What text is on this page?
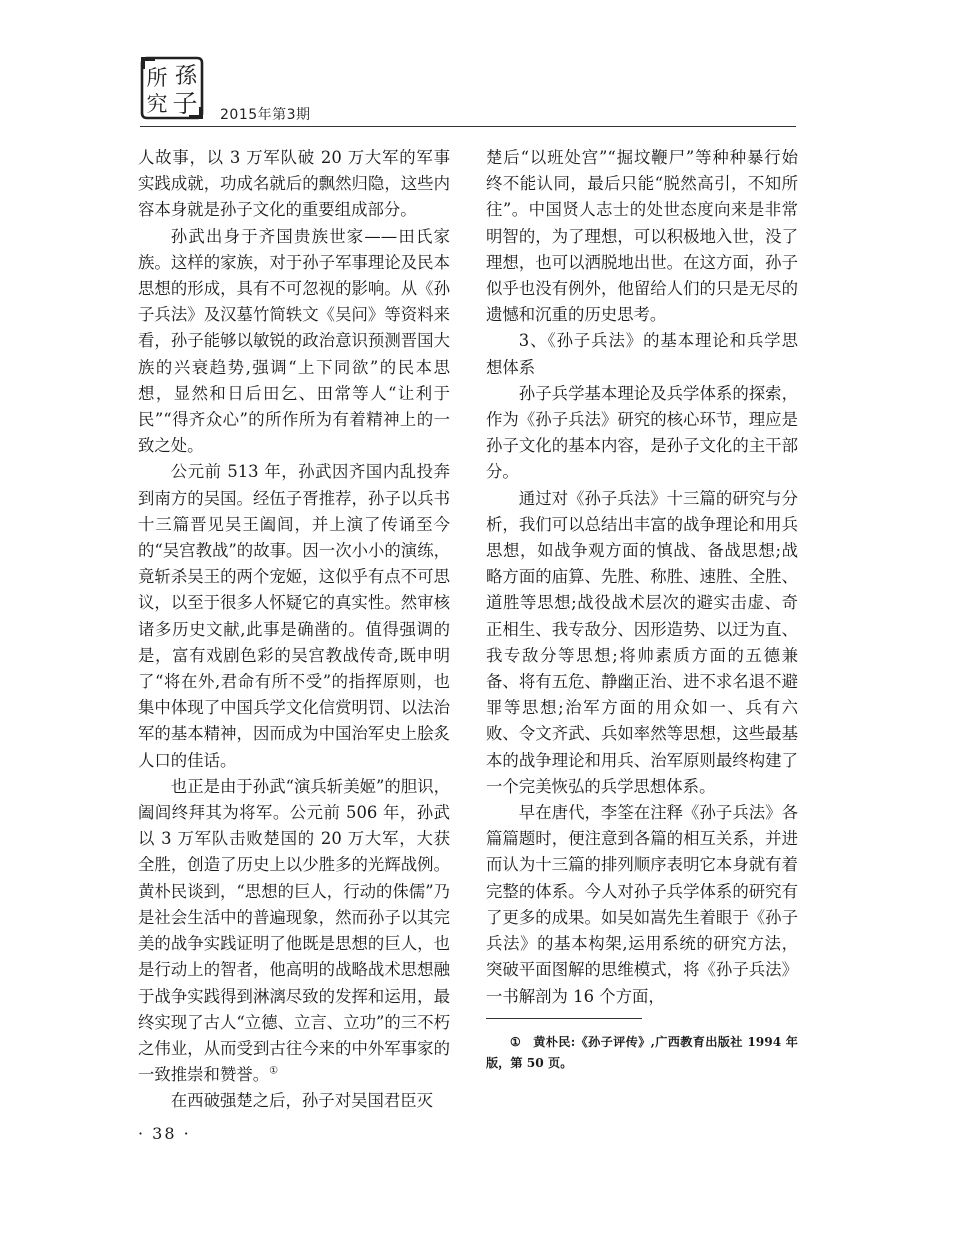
所 孫
究 子 2015年第3期

人故事，以 3 万军队破 20 万大军的军事实践成就，功成名就后的飘然归隐，这些内容本身就是孙子文化的重要组成部分。

孙武出身于齐国贵族世家——田氏家族。这样的家族，对于孙子军事理论及民本思想的形成，具有不可忽视的影响。从《孙子兵法》及汉墓竹简轶文《吴问》等资料来看，孙子能够以敏锐的政治意识预测晋国大族的兴衰趋势,强调“上下同欲”的民本思想，显然和日后田乞、田常等人“让利于民”“得齐众心”的所作所为有着精神上的一致之处。

公元前 513 年，孙武因齐国内乱投奔到南方的吴国。经伍子胥推荐，孙子以兵书十三篇晋见吴王阖闾，并上演了传诵至今的“吴宫教战”的故事。因一次小小的演练，竟斩杀吴王的两个宠姬，这似乎有点不可思议，以至于很多人怀疑它的真实性。然审核诸多历史文献,此事是确凿的。值得强调的是，富有戏剧色彩的吴宫教战传奇,既申明了“将在外,君命有所不受”的指挥原则，也集中体现了中国兵学文化信赏明罚、以法治军的基本精神，因而成为中国治军史上脍炙人口的佳话。

也正是由于孙武“演兵斩美姬”的胆识，阖闾终拜其为将军。公元前 506 年，孙武以 3 万军队击败楚国的 20 万大军，大获全胜，创造了历史上以少胜多的光辉战例。黄朴民谈到，“思想的巨人，行动的侏儒”乃是社会生活中的普遍现象，然而孙子以其完美的战争实践证明了他既是思想的巨人，也是行动上的智者，他高明的战略战术思想融于战争实践得到淋漓尽致的发挥和运用，最终实现了古人“立德、立言、立功”的三不朽之伟业，从而受到古往今来的中外军事家的一致推崇和赞誉。①

在西破强楚之后，孙子对吴国君臣灭

楚后“以班处宫”“掘坟鞭尸”等种种暴行始终不能认同，最后只能“脱然高引，不知所往”。中国贤人志士的处世态度向来是非常明智的，为了理想，可以积极地入世，没了理想，也可以洒脱地出世。在这方面，孙子似乎也没有例外，他留给人们的只是无尽的遗憾和沉重的历史思考。

3、《孙子兵法》的基本理论和兵学思想体系

孙子兵学基本理论及兵学体系的探索，作为《孙子兵法》研究的核心环节，理应是孙子文化的基本内容，是孙子文化的主干部分。

通过对《孙子兵法》十三篇的研究与分析，我们可以总结出丰富的战争理论和用兵思想，如战争观方面的慎战、备战思想;战略方面的庙算、先胜、称胜、速胜、全胜、道胜等思想;战役战术层次的避实击虚、奇正相生、我专敌分、因形造势、以迂为直、我专敌分等思想;将帅素质方面的五德兼备、将有五危、静幽正治、进不求名退不避罪等思想;治军方面的用众如一、兵有六败、令文齐武、兵如率然等思想，这些最基本的战争理论和用兵、治军原则最终构建了一个完美恢弘的兵学思想体系。

早在唐代，李筌在注释《孙子兵法》各篇篇题时，便注意到各篇的相互关系，并进而认为十三篇的排列顺序表明它本身就有着完整的体系。今人对孙子兵学体系的研究有了更多的成果。如吴如嵩先生着眼于《孙子兵法》的基本构架,运用系统的研究方法，突破平面图解的思维模式，将《孙子兵法》一书解剖为 16 个方面，

① 黄朴民:《孙子评传》,广西教育出版社 1994 年版，第 50 页。
· 38 ·
